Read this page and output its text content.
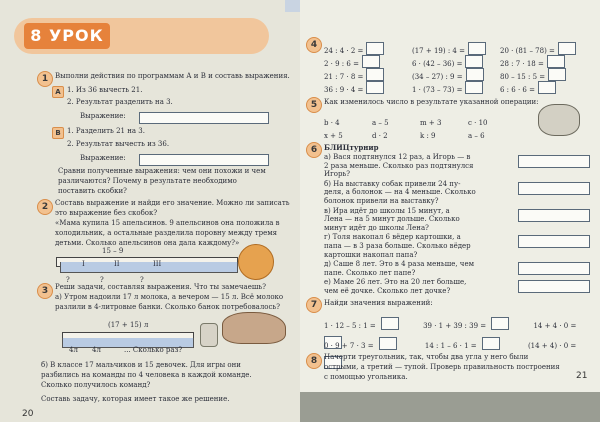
8 УРОК
1 Выполни действия по программам А и В и составь выражения.
А 1. Из 36 вычесть 21.
2. Результат разделить на 3.
Выражение:
В 1. Разделить 21 на 3.
2. Результат вычесть из 36.
Выражение:
Сравни полученные выражения: чем они похожи и чем
различаются? Почему в результате необходимо
поставить скобки?
2 Составь выражение и найди его значение. Можно ли записать
это выражение без скобок?
«Мама купила 15 апельсинов. 9 апельсинов она положила в
холодильник, а остальные разделила поровну между тремя
детьми. Сколько апельсинов она дала каждому?»
15 – 9
I	II	III
?	?	?
3 Реши задачи, составляя выражения. Что ты замечаешь?
а) Утром надоили 17 л молока, а вечером — 15 л. Всё молоко
разлили в 4-литровые банки. Сколько банок потребовалось?
(17 + 15) л
4л 4л	... Сколько раз?
б) В классе 17 мальчиков и 15 девочек. Для игры они
разбились на команды по 4 человека в каждой команде.
Сколько получилось команд?
Составь задачу, которая имеет такое же решение.
20
4
24 : 4 · 2 =	(17 + 19) : 4 =	20 · (81 – 78) =
2 · 9 : 6 =	6 · (42 – 36) =	28 : 7 · 18 =
21 : 7 · 8 =	(34 – 27) : 9 =	80 – 15 : 5 =
36 : 9 · 4 =	1 · (73 – 73) =	6 : 6 · 6 =
5 Как изменилось число в результате указанной операции:
b · 4	a – 5	m + 3	c · 10
x + 5	d · 2	k : 9	a – 6
6 БЛИЦтурнир
а) Вася подтянулся 12 раз, а Игорь — в
2 раза меньше. Сколько раз подтянулся
Игорь?
б) На выставку собак привели 24 пу-
деля, а болонок — на 4 меньше. Сколько
болонок привели на выставку?
в) Ира идёт до школы 15 минут, а
Лена — на 5 минут дольше. Сколько
минут идёт до школы Лена?
г) Толя накопал 6 вёдер картошки, а
папа — в 3 раза больше. Сколько вёдер
картошки накопал папа?
д) Саше 8 лет. Это в 4 раза меньше, чем
папе. Сколько лет папе?
е) Маме 26 лет. Это на 20 лет больше,
чем её дочке. Сколько лет дочке?
7 Найди значения выражений:
1 · 12 – 5 : 1 =	39 · 1 + 39 : 39 =	14 + 4 · 0 =
0 · 9 + 7 · 3 =	14 : 1 – 6 · 1 =	(14 + 4) · 0 =
8 Начерти треугольник, так, чтобы два угла у него были
острыми, а третий — тупой. Проверь правильность построения
с помощью угольника.	21
